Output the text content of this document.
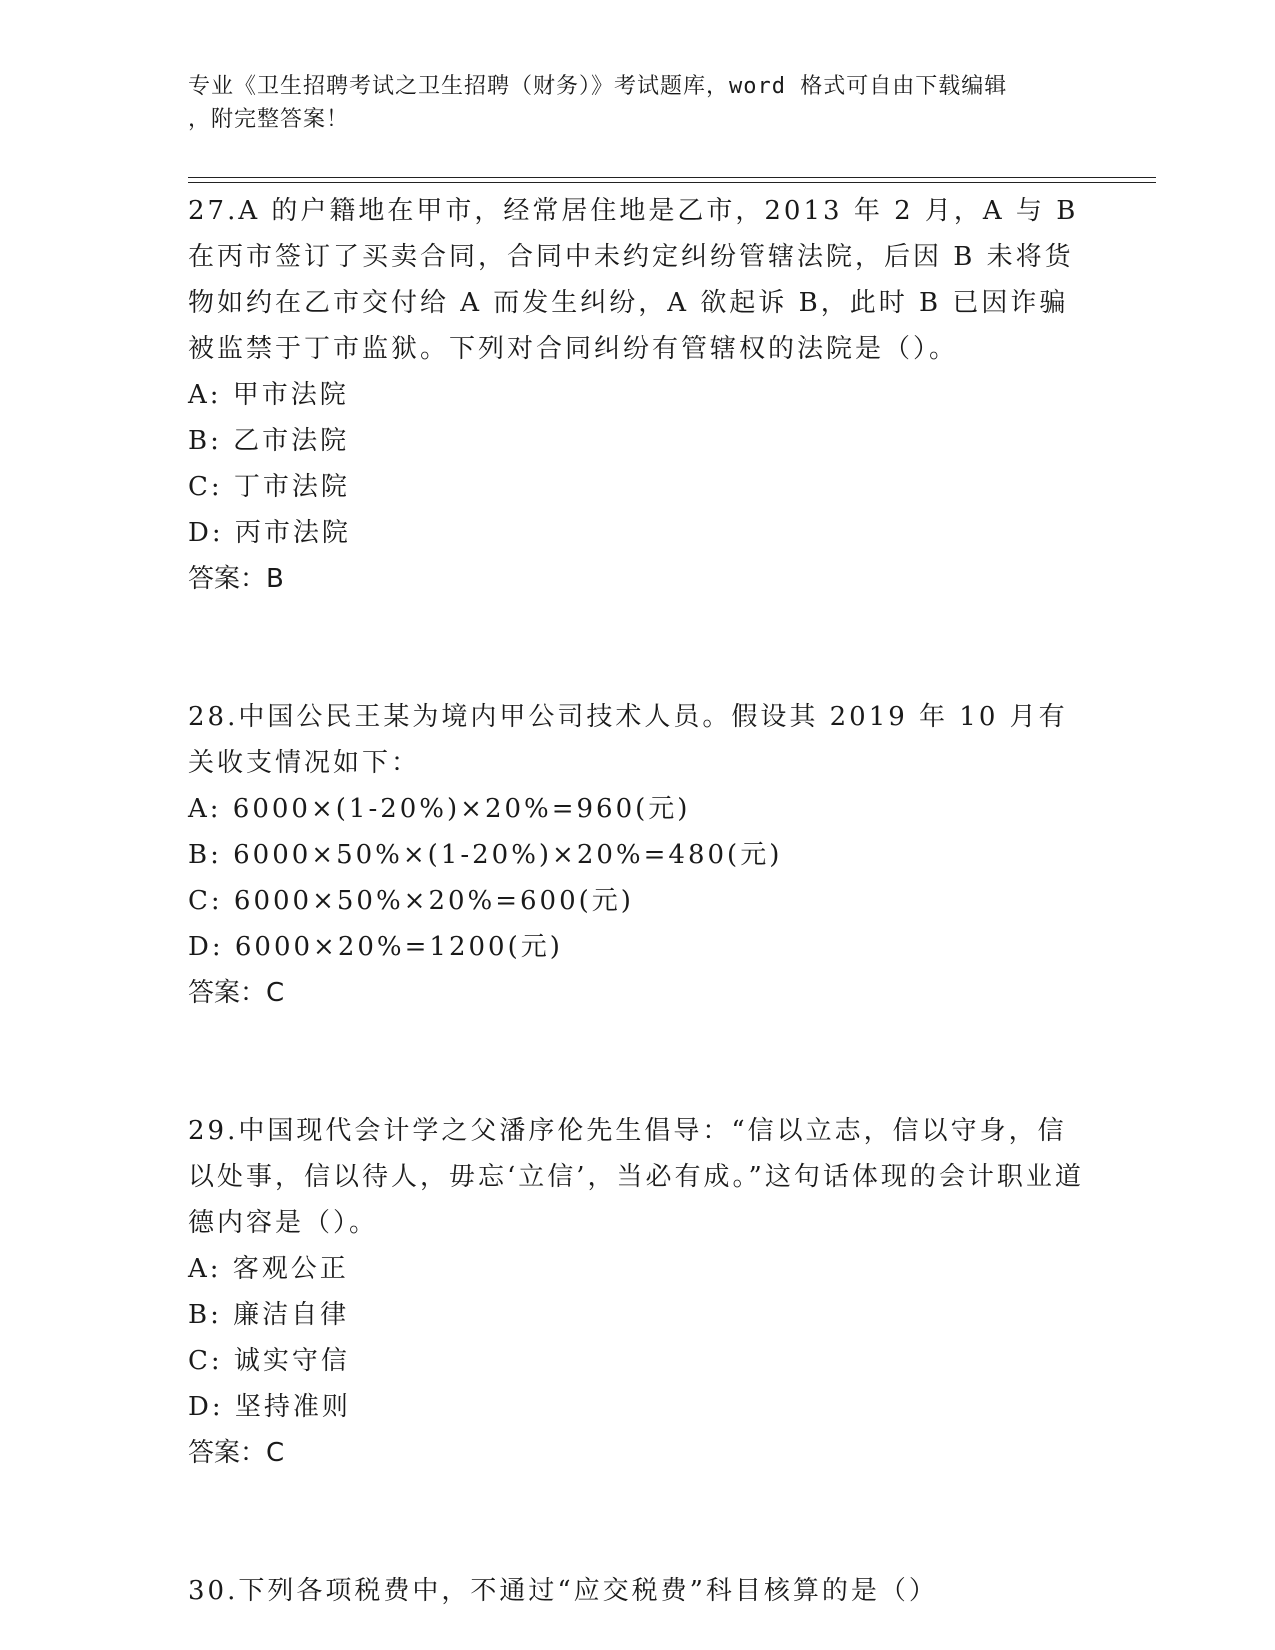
专业《卫生招聘考试之卫生招聘（财务）》考试题库，word 格式可自由下载编辑
，附完整答案！

27.A 的户籍地在甲市，经常居住地是乙市，2013 年 2 月，A 与 B 在丙市签订了买卖合同，合同中未约定纠纷管辖法院，后因 B 未将货物如约在乙市交付给 A 而发生纠纷，A 欲起诉 B，此时 B 已因诈骗被监禁于丁市监狱。下列对合同纠纷有管辖权的法院是（）。

A: 甲市法院

B: 乙市法院

C: 丁市法院

D: 丙市法院

答案：B

28.中国公民王某为境内甲公司技术人员。假设其 2019 年 10 月有关收支情况如下：

A: 6000×(1-20%)×20%=960(元)

B: 6000×50%×(1-20%)×20%=480(元)

C: 6000×50%×20%=600(元)

D: 6000×20%=1200(元)

答案：C

29.中国现代会计学之父潘序伦先生倡导：“信以立志，信以守身，信以处事，信以待人，毋忘‘立信’，当必有成。”这句话体现的会计职业道德内容是（）。

A: 客观公正

B: 廉洁自律

C: 诚实守信

D: 坚持准则

答案：C

30.下列各项税费中，不通过“应交税费”科目核算的是（）
